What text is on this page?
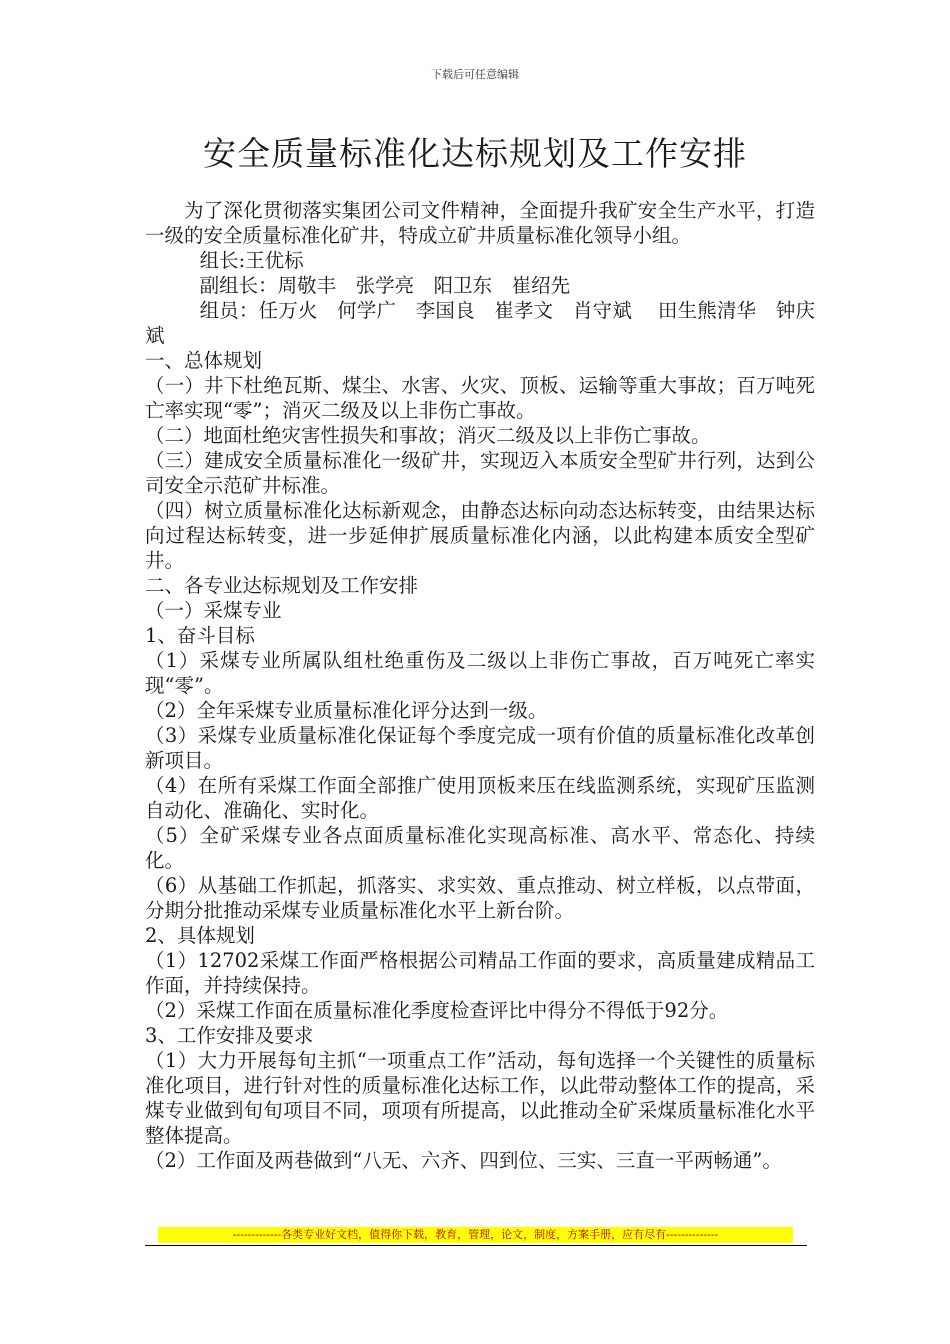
下载后可任意编辑
安全质量标准化达标规划及工作安排

为了深化贯彻落实集团公司文件精神，全面提升我矿安全生产水平，打造一级的安全质量标准化矿井，特成立矿井质量标准化领导小组。

组长:王优标

副组长：周敬丰　张学亮　阳卫东　崔绍先

组员：任万火　何学广　李国良　崔孝文　肖守斌　 田生熊清华　钟庆斌

一、总体规划

（一）井下杜绝瓦斯、煤尘、水害、火灾、顶板、运输等重大事故；百万吨死亡率实现“零”；消灭二级及以上非伤亡事故。

（二）地面杜绝灾害性损失和事故；消灭二级及以上非伤亡事故。

（三）建成安全质量标准化一级矿井，实现迈入本质安全型矿井行列，达到公司安全示范矿井标准。

（四）树立质量标准化达标新观念，由静态达标向动态达标转变，由结果达标向过程达标转变，进一步延伸扩展质量标准化内涵，以此构建本质安全型矿井。

二、各专业达标规划及工作安排

（一）采煤专业

1、奋斗目标

（1）采煤专业所属队组杜绝重伤及二级以上非伤亡事故，百万吨死亡率实现“零”。

（2）全年采煤专业质量标准化评分达到一级。

（3）采煤专业质量标准化保证每个季度完成一项有价值的质量标准化改革创新项目。

（4）在所有采煤工作面全部推广使用顶板来压在线监测系统，实现矿压监测自动化、准确化、实时化。

（5）全矿采煤专业各点面质量标准化实现高标准、高水平、常态化、持续化。

（6）从基础工作抓起，抓落实、求实效、重点推动、树立样板，以点带面，分期分批推动采煤专业质量标准化水平上新台阶。

2、具体规划

（1）12702采煤工作面严格根据公司精品工作面的要求，高质量建成精品工作面，并持续保持。

（2）采煤工作面在质量标准化季度检查评比中得分不得低于92分。

3、工作安排及要求

（1）大力开展每旬主抓“一项重点工作”活动，每旬选择一个关键性的质量标准化项目，进行针对性的质量标准化达标工作，以此带动整体工作的提高，采煤专业做到旬旬项目不同，项项有所提高，以此推动全矿采煤质量标准化水平整体提高。

（2）工作面及两巷做到“八无、六齐、四到位、三实、三直一平两畅通”。

-------------各类专业好文档，值得你下载，教育，管理，论文，制度，方案手册，应有尽有--------------
